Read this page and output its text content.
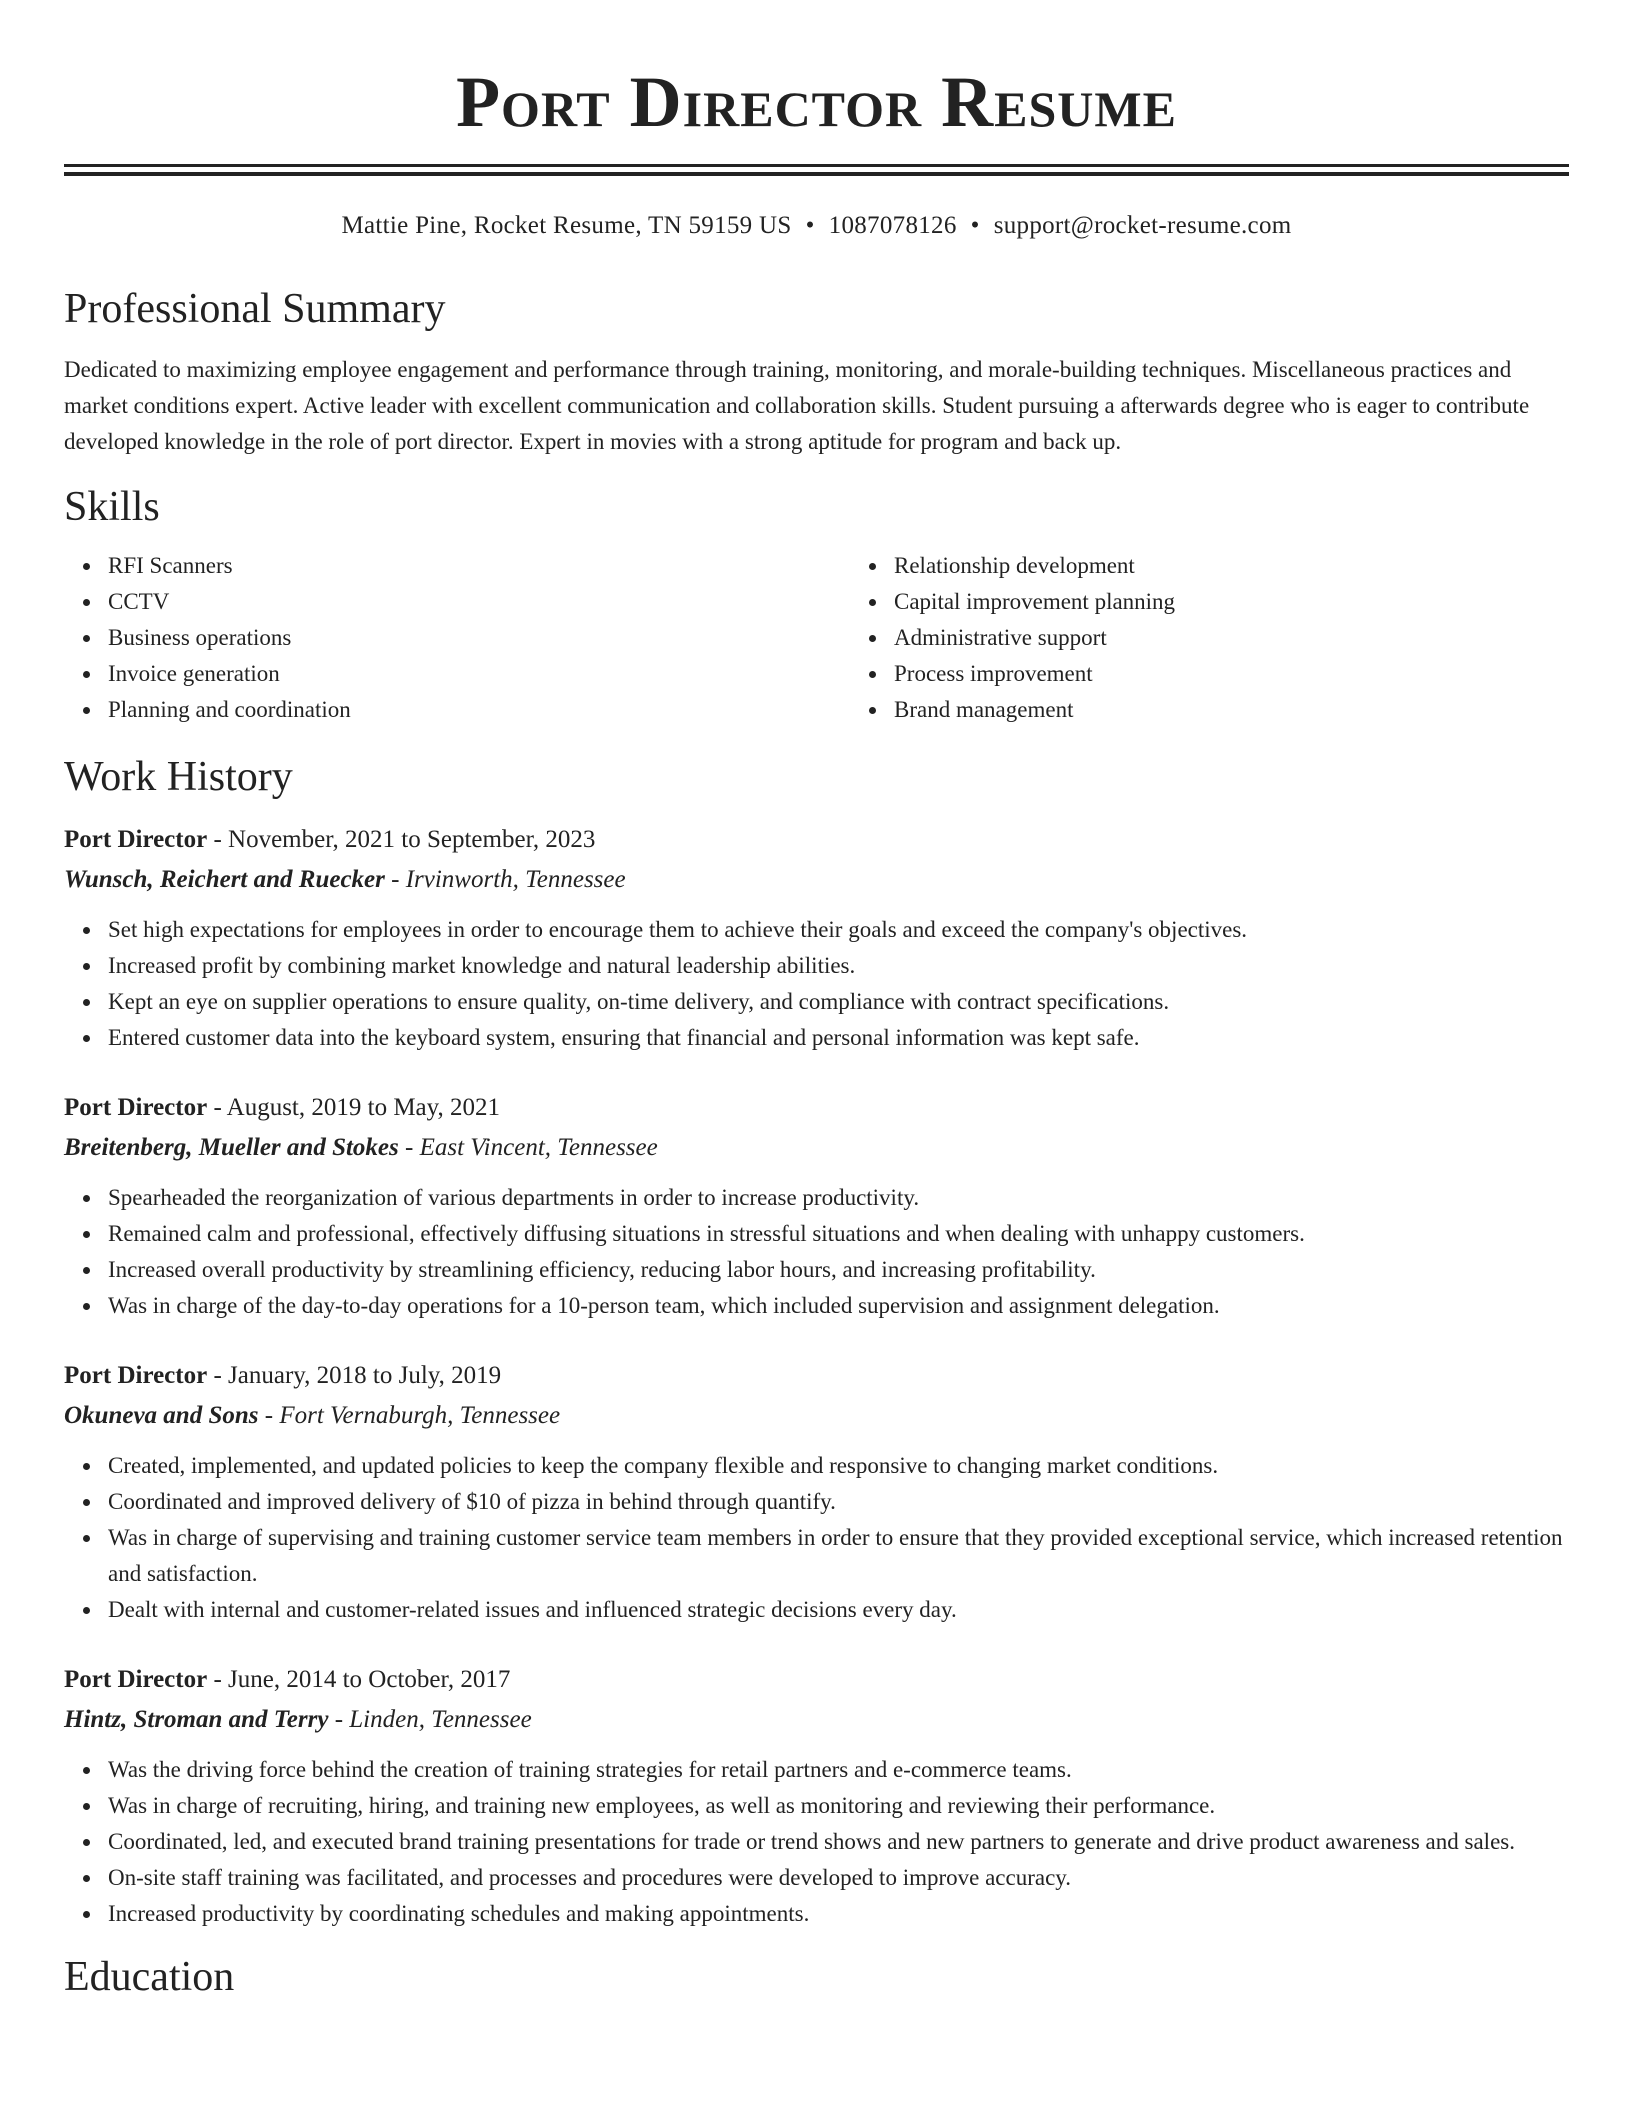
Port Director Resume
Mattie Pine, Rocket Resume, TN 59159 US • 1087078126 • support@rocket-resume.com
Professional Summary

Dedicated to maximizing employee engagement and performance through training, monitoring, and morale-building techniques. Miscellaneous practices and market conditions expert. Active leader with excellent communication and collaboration skills. Student pursuing a afterwards degree who is eager to contribute developed knowledge in the role of port director. Expert in movies with a strong aptitude for program and back up.

Skills
RFI Scanners
CCTV
Business operations
Invoice generation
Planning and coordination
Relationship development
Capital improvement planning
Administrative support
Process improvement
Brand management
Work History
Port Director - November, 2021 to September, 2023
Wunsch, Reichert and Ruecker - Irvinworth, Tennessee
Set high expectations for employees in order to encourage them to achieve their goals and exceed the company's objectives.
Increased profit by combining market knowledge and natural leadership abilities.
Kept an eye on supplier operations to ensure quality, on-time delivery, and compliance with contract specifications.
Entered customer data into the keyboard system, ensuring that financial and personal information was kept safe.
Port Director - August, 2019 to May, 2021
Breitenberg, Mueller and Stokes - East Vincent, Tennessee
Spearheaded the reorganization of various departments in order to increase productivity.
Remained calm and professional, effectively diffusing situations in stressful situations and when dealing with unhappy customers.
Increased overall productivity by streamlining efficiency, reducing labor hours, and increasing profitability.
Was in charge of the day-to-day operations for a 10-person team, which included supervision and assignment delegation.
Port Director - January, 2018 to July, 2019
Okuneva and Sons - Fort Vernaburgh, Tennessee
Created, implemented, and updated policies to keep the company flexible and responsive to changing market conditions.
Coordinated and improved delivery of $10 of pizza in behind through quantify.
Was in charge of supervising and training customer service team members in order to ensure that they provided exceptional service, which increased retention and satisfaction.
Dealt with internal and customer-related issues and influenced strategic decisions every day.
Port Director - June, 2014 to October, 2017
Hintz, Stroman and Terry - Linden, Tennessee
Was the driving force behind the creation of training strategies for retail partners and e-commerce teams.
Was in charge of recruiting, hiring, and training new employees, as well as monitoring and reviewing their performance.
Coordinated, led, and executed brand training presentations for trade or trend shows and new partners to generate and drive product awareness and sales.
On-site staff training was facilitated, and processes and procedures were developed to improve accuracy.
Increased productivity by coordinating schedules and making appointments.
Education
